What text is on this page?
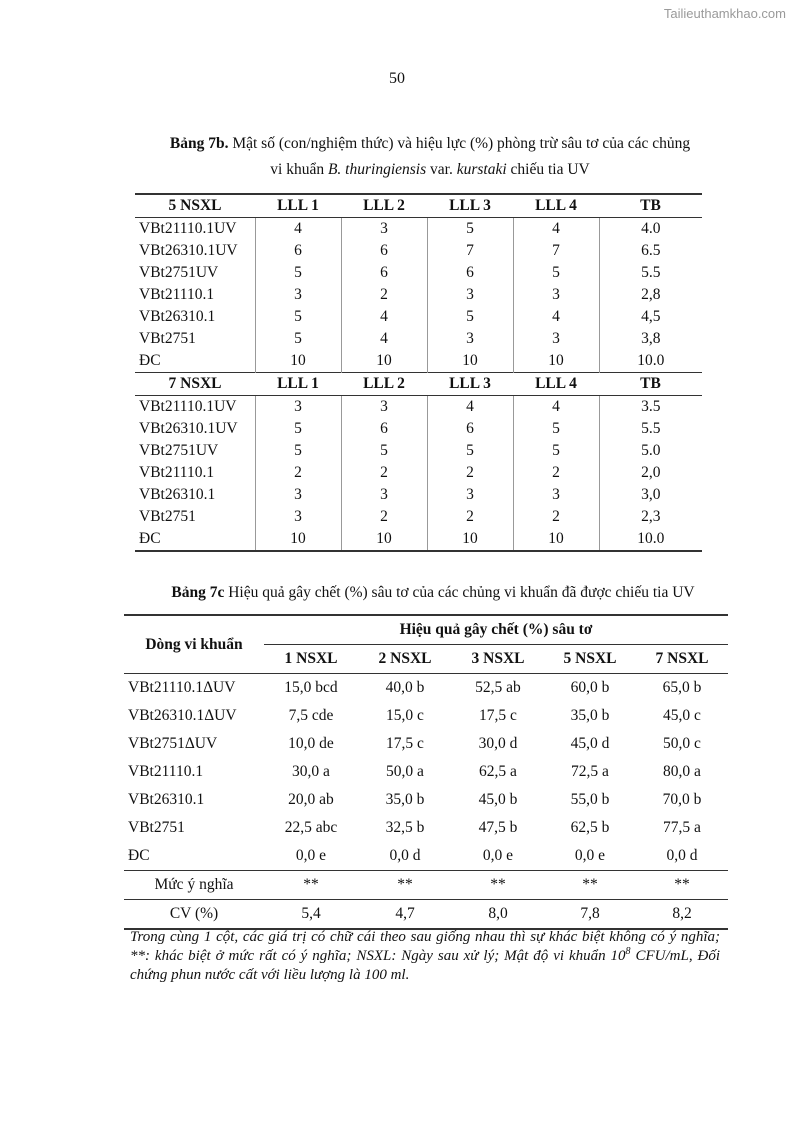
Tailieuthamkhao.com
50
Bảng 7b. Mật số (con/nghiệm thức) và hiệu lực (%) phòng trừ sâu tơ của các chủng
vi khuẩn B. thuringiensis var. kurstaki chiếu tia UV
5 NSXL	LLL 1	LLL 2	LLL 3	LLL 4	TB
VBt21110.1UV	4	3	5	4	4.0
VBt26310.1UV	6	6	7	7	6.5
VBt2751UV	5	6	6	5	5.5
VBt21110.1	3	2	3	3	2,8
VBt26310.1	5	4	5	4	4,5
VBt2751	5	4	3	3	3,8
ĐC	10	10	10	10	10.0
7 NSXL	LLL 1	LLL 2	LLL 3	LLL 4	TB
VBt21110.1UV	3	3	4	4	3.5
VBt26310.1UV	5	6	6	5	5.5
VBt2751UV	5	5	5	5	5.0
VBt21110.1	2	2	2	2	2,0
VBt26310.1	3	3	3	3	3,0
VBt2751	3	2	2	2	2,3
ĐC	10	10	10	10	10.0
Bảng 7c Hiệu quả gây chết (%) sâu tơ của các chủng vi khuẩn đã được chiếu tia UV
Dòng vi khuẩn	Hiệu quả gây chết (%) sâu tơ				
	1 NSXL	2 NSXL	3 NSXL	5 NSXL	7 NSXL
VBt21110.1ΔUV	15,0 bcd	40,0 b	52,5 ab	60,0 b	65,0 b
VBt26310.1ΔUV	7,5 cde	15,0 c	17,5 c	35,0 b	45,0 c
VBt2751ΔUV	10,0 de	17,5 c	30,0 d	45,0 d	50,0 c
VBt21110.1	30,0 a	50,0 a	62,5 a	72,5 a	80,0 a
VBt26310.1	20,0 ab	35,0 b	45,0 b	55,0 b	70,0 b
VBt2751	22,5 abc	32,5 b	47,5 b	62,5 b	77,5 a
ĐC	0,0 e	0,0 d	0,0 e	0,0 e	0,0 d
Mức ý nghĩa	**	**	**	**	**
CV (%)	5,4	4,7	8,0	7,8	8,2
Trong cùng 1 cột, các giá trị có chữ cái theo sau giống nhau thì sự khác biệt không có ý nghĩa; **: khác biệt ở mức rất có ý nghĩa; NSXL: Ngày sau xử lý; Mật độ vi khuẩn $10^8$ CFU/mL, Đối chứng phun nước cất với liều lượng là 100 ml.
